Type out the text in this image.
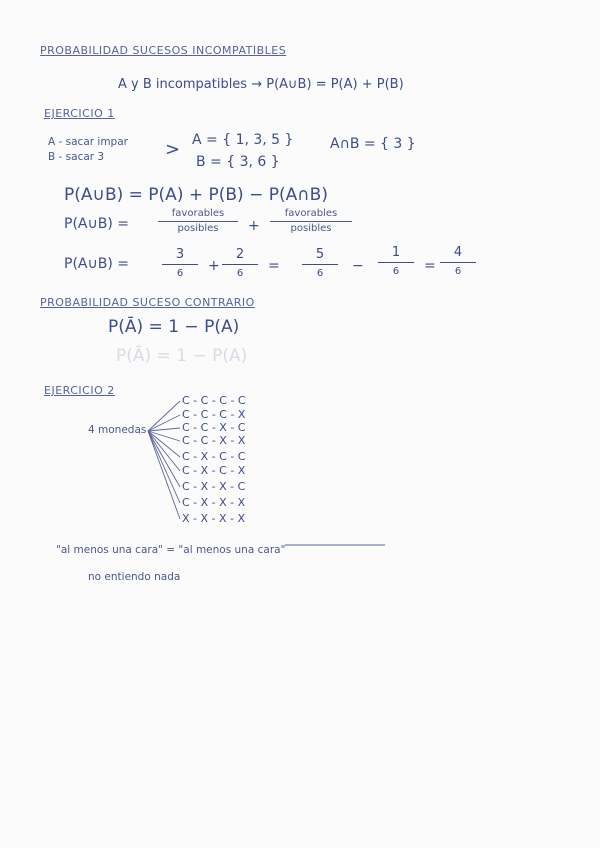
PROBABILIDAD SUCESOS INCOMPATIBLES
A y B incompatibles → P(A∪B) = P(A) + P(B)
EJERCICIO 1
A - sacar impar
B - sacar 3	> A = { 1, 3, 5 }
B = { 3, 6 }
A∩B = { 3 }
P(A∪B) = P(A) + P(B) − P(A∩B)
P(A∪B) =
favorables
posibles	+
favorables
posibles
P(A∪B) =
3
6	+
2
6	=
5
6	−
1
6	=
4
6
PROBABILIDAD SUCESO CONTRARIO
P(Ā) = 1 − P(A)
P(Ā) = 1 − P(A)
EJERCICIO 2
4 monedas
C - C - C - C
C - C - C - X
C - C - X - C
C - C - X - X
C - X - C - C
C - X - C - X
C - X - X - C
C - X - X - X
X - X - X - X
"al menos una cara" = "al menos una cara"
no entiendo nada
